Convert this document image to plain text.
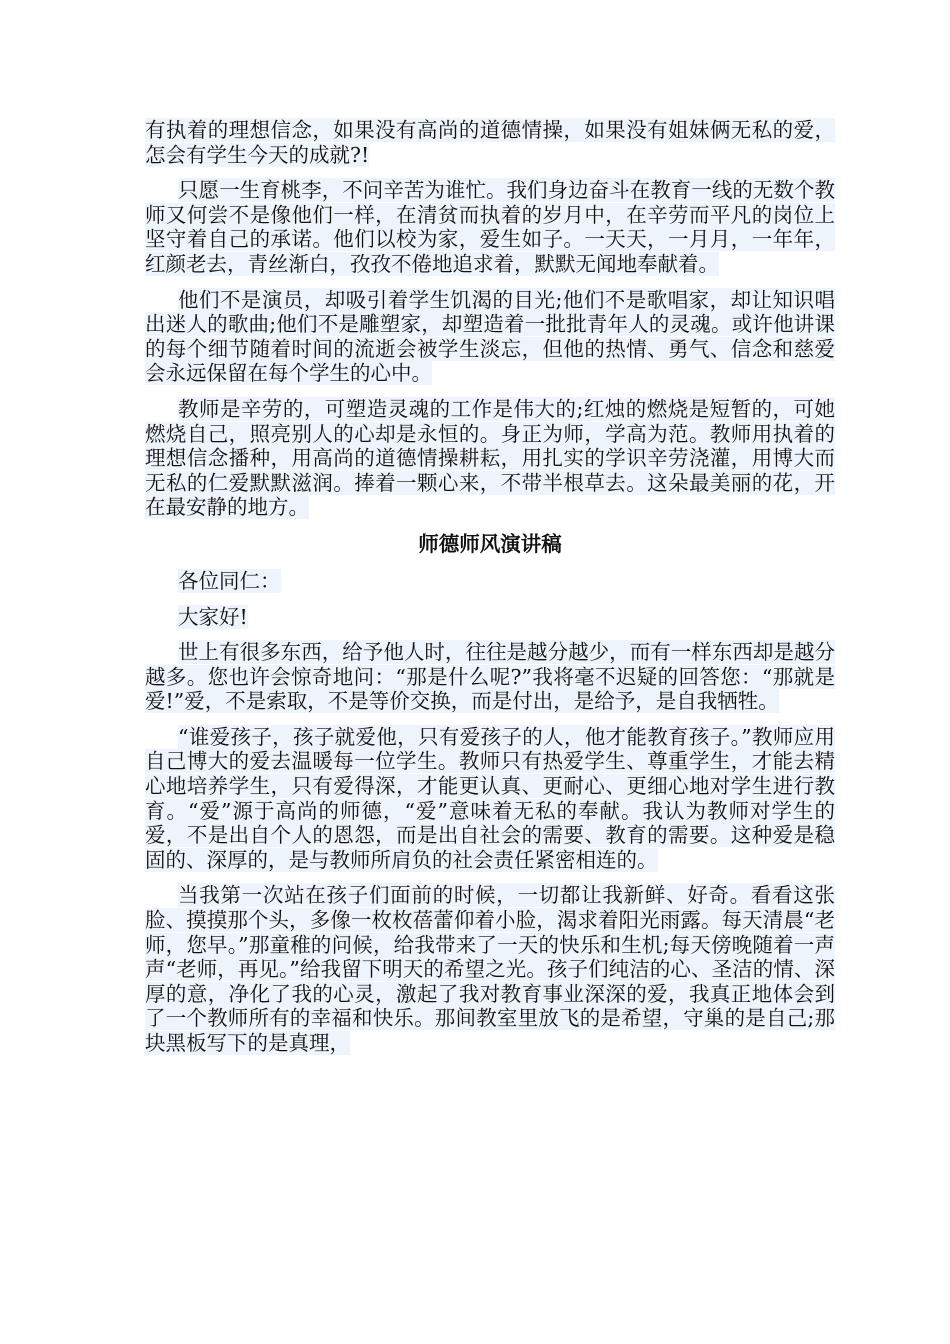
有执着的理想信念，如果没有高尚的道德情操，如果没有姐妹俩无私的爱，怎会有学生今天的成就?!

只愿一生育桃李，不问辛苦为谁忙。我们身边奋斗在教育一线的无数个教师又何尝不是像他们一样，在清贫而执着的岁月中，在辛劳而平凡的岗位上坚守着自己的承诺。他们以校为家，爱生如子。一天天，一月月，一年年，红颜老去，青丝渐白，孜孜不倦地追求着，默默无闻地奉献着。

他们不是演员，却吸引着学生饥渴的目光;他们不是歌唱家，却让知识唱出迷人的歌曲;他们不是雕塑家，却塑造着一批批青年人的灵魂。或许他讲课的每个细节随着时间的流逝会被学生淡忘，但他的热情、勇气、信念和慈爱会永远保留在每个学生的心中。

教师是辛劳的，可塑造灵魂的工作是伟大的;红烛的燃烧是短暂的，可她燃烧自己，照亮别人的心却是永恒的。身正为师，学高为范。教师用执着的理想信念播种，用高尚的道德情操耕耘，用扎实的学识辛劳浇灌，用博大而无私的仁爱默默滋润。捧着一颗心来，不带半根草去。这朵最美丽的花，开在最安静的地方。

师德师风演讲稿

各位同仁：

大家好!

世上有很多东西，给予他人时，往往是越分越少，而有一样东西却是越分越多。您也许会惊奇地问：“那是什么呢?”我将毫不迟疑的回答您：“那就是爱!”爱，不是索取，不是等价交换，而是付出，是给予，是自我牺牲。

“谁爱孩子，孩子就爱他，只有爱孩子的人，他才能教育孩子。”教师应用自己博大的爱去温暖每一位学生。教师只有热爱学生、尊重学生，才能去精心地培养学生，只有爱得深，才能更认真、更耐心、更细心地对学生进行教育。“爱”源于高尚的师德，“爱”意味着无私的奉献。我认为教师对学生的爱，不是出自个人的恩怨，而是出自社会的需要、教育的需要。这种爱是稳固的、深厚的，是与教师所肩负的社会责任紧密相连的。

当我第一次站在孩子们面前的时候，一切都让我新鲜、好奇。看看这张脸、摸摸那个头，多像一枚枚蓓蕾仰着小脸，渴求着阳光雨露。每天清晨“老师，您早。”那童稚的问候，给我带来了一天的快乐和生机;每天傍晚随着一声声“老师，再见。”给我留下明天的希望之光。孩子们纯洁的心、圣洁的情、深厚的意，净化了我的心灵，激起了我对教育事业深深的爱，我真正地体会到了一个教师所有的幸福和快乐。那间教室里放飞的是希望，守巢的是自己;那块黑板写下的是真理，
